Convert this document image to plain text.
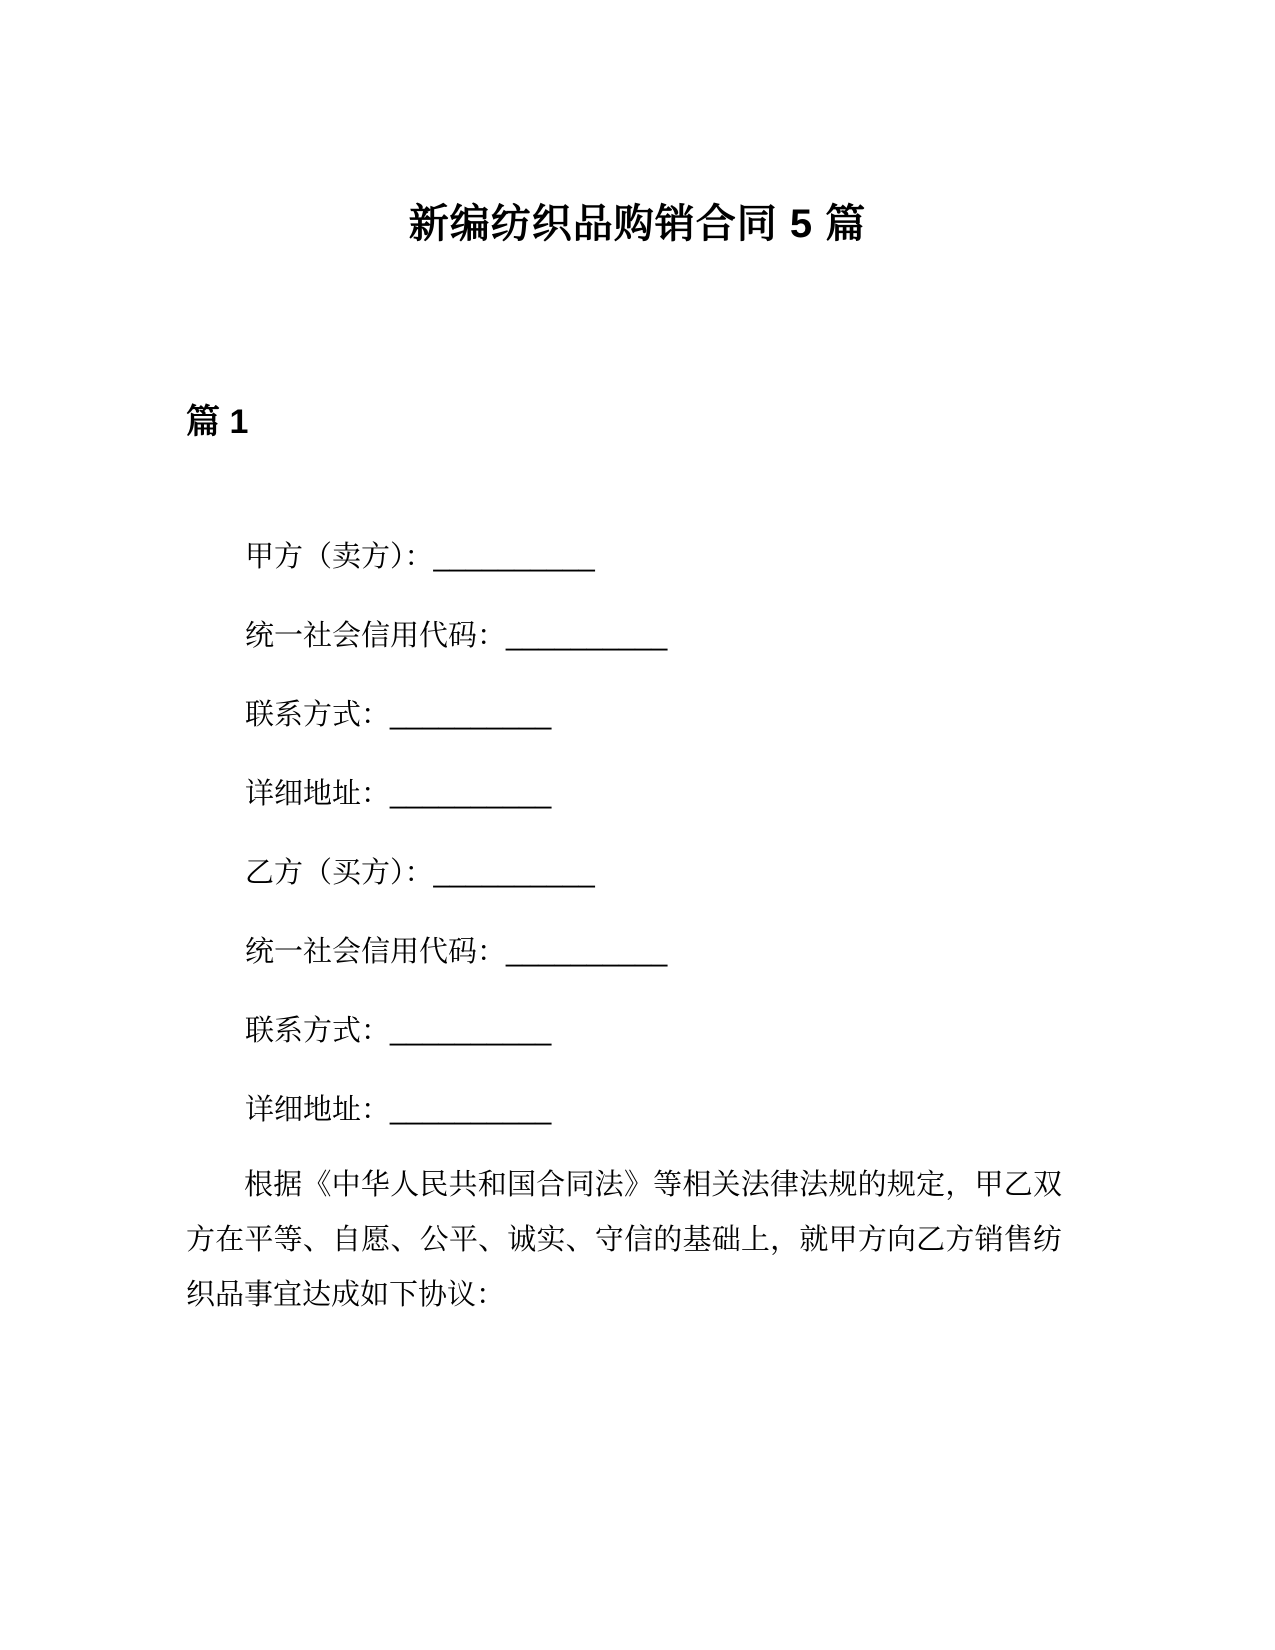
新编纺织品购销合同 5 篇
篇 1
甲方（卖方）：__________
统一社会信用代码：__________
联系方式：__________
详细地址：__________
乙方（买方）：__________
统一社会信用代码：__________
联系方式：__________
详细地址：__________
根据《中华人民共和国合同法》等相关法律法规的规定，甲乙双
方在平等、自愿、公平、诚实、守信的基础上，就甲方向乙方销售纺
织品事宜达成如下协议：
